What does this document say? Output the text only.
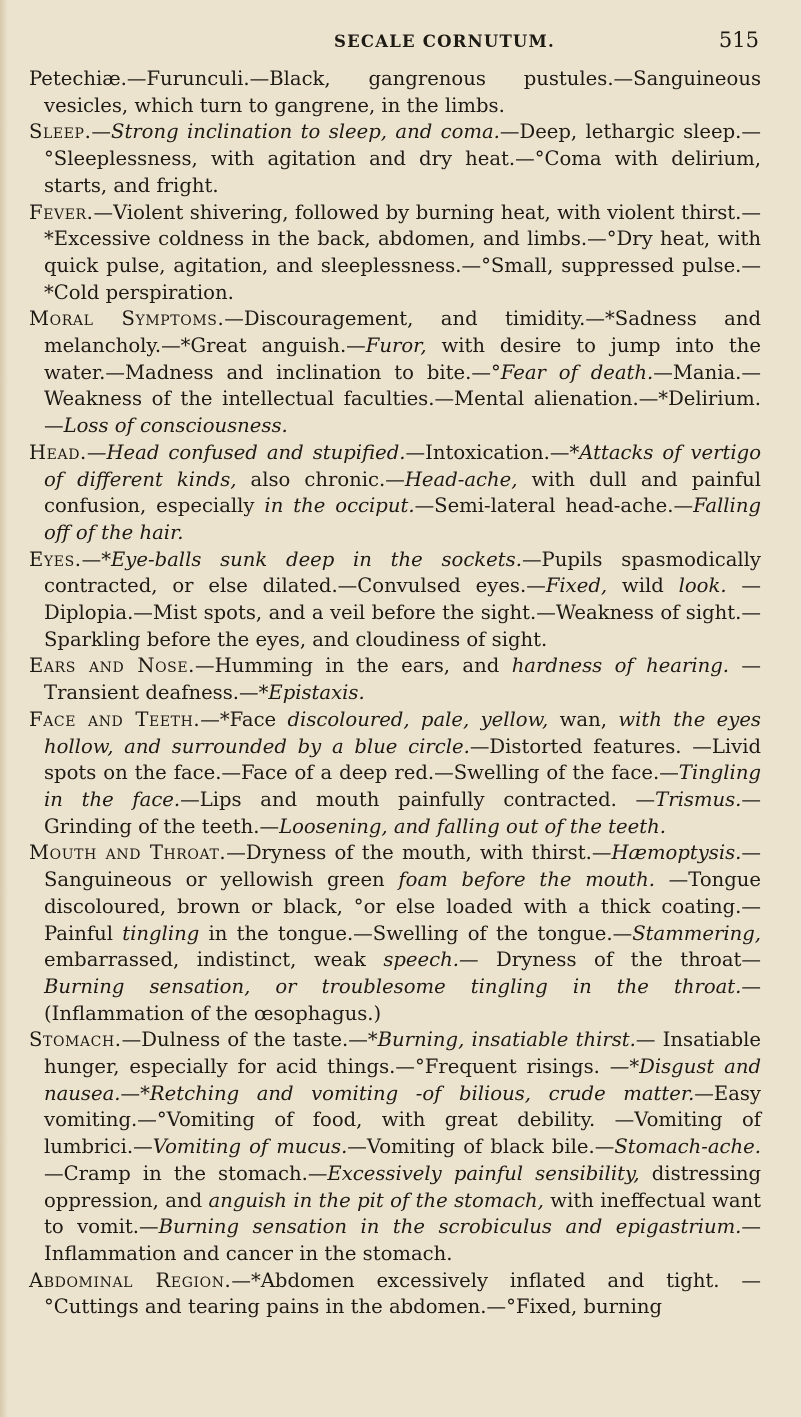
SECALE CORNUTUM.	515

Petechiæ.—Furunculi.—Black, gangrenous pustules.—Sanguineous vesicles, which turn to gangrene, in the limbs.

Sleep.—Strong inclination to sleep, and coma.—Deep, lethargic sleep.—°Sleeplessness, with agitation and dry heat.—°Coma with delirium, starts, and fright.

Fever.—Violent shivering, followed by burning heat, with violent thirst.—*Excessive coldness in the back, abdomen, and limbs.—°Dry heat, with quick pulse, agitation, and sleeplessness.—°Small, suppressed pulse.—*Cold perspiration.

Moral Symptoms.—Discouragement, and timidity.—*Sadness and melancholy.—*Great anguish.—Furor, with desire to jump into the water.—Madness and inclination to bite.—°Fear of death.—Mania.—Weakness of the intellectual faculties.—Mental alienation.—*Delirium.—Loss of consciousness.

Head.—Head confused and stupified.—Intoxication.—*Attacks of vertigo of different kinds, also chronic.—Head-ache, with dull and painful confusion, especially in the occiput.—Semi-lateral head-ache.—Falling off of the hair.

Eyes.—*Eye-balls sunk deep in the sockets.—Pupils spasmodically contracted, or else dilated.—Convulsed eyes.—Fixed, wild look. —Diplopia.—Mist spots, and a veil before the sight.—Weakness of sight.—Sparkling before the eyes, and cloudiness of sight.

Ears and Nose.—Humming in the ears, and hardness of hearing. —Transient deafness.—*Epistaxis.

Face and Teeth.—*Face discoloured, pale, yellow, wan, with the eyes hollow, and surrounded by a blue circle.—Distorted features. —Livid spots on the face.—Face of a deep red.—Swelling of the face.—Tingling in the face.—Lips and mouth painfully contracted. —Trismus.—Grinding of the teeth.—Loosening, and falling out of the teeth.

Mouth and Throat.—Dryness of the mouth, with thirst.—Hæmoptysis.—Sanguineous or yellowish green foam before the mouth. —Tongue discoloured, brown or black, °or else loaded with a thick coating.—Painful tingling in the tongue.—Swelling of the tongue.—Stammering, embarrassed, indistinct, weak speech.— Dryness of the throat—Burning sensation, or troublesome tingling in the throat.—(Inflammation of the œsophagus.)

Stomach.—Dulness of the taste.—*Burning, insatiable thirst.— Insatiable hunger, especially for acid things.—°Frequent risings. —*Disgust and nausea.—*Retching and vomiting -of bilious, crude matter.—Easy vomiting.—°Vomiting of food, with great debility. —Vomiting of lumbrici.—Vomiting of mucus.—Vomiting of black bile.—Stomach-ache.—Cramp in the stomach.—Excessively painful sensibility, distressing oppression, and anguish in the pit of the stomach, with ineffectual want to vomit.—Burning sensation in the scrobiculus and epigastrium.—Inflammation and cancer in the stomach.

Abdominal Region.—*Abdomen excessively inflated and tight. —°Cuttings and tearing pains in the abdomen.—°Fixed, burning
